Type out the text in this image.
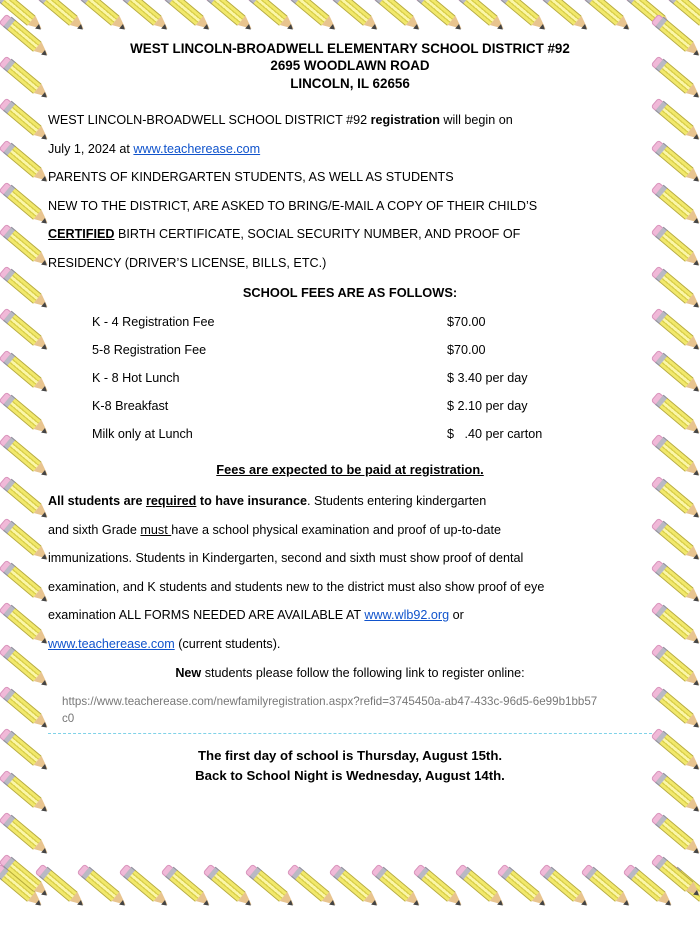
WEST LINCOLN-BROADWELL ELEMENTARY SCHOOL DISTRICT #92
2695 WOODLAWN ROAD
LINCOLN, IL 62656
WEST LINCOLN-BROADWELL SCHOOL DISTRICT #92 registration will begin on
July 1, 2024 at www.teacherease.com
PARENTS OF KINDERGARTEN STUDENTS, AS WELL AS STUDENTS
NEW TO THE DISTRICT, ARE ASKED TO BRING/E-MAIL A COPY OF THEIR CHILD’S
CERTIFIED BIRTH CERTIFICATE, SOCIAL SECURITY NUMBER, AND PROOF OF
RESIDENCY (DRIVER’S LICENSE, BILLS, ETC.)
SCHOOL FEES ARE AS FOLLOWS:
K - 4 Registration Fee	$70.00
5-8 Registration Fee	$70.00
K - 8 Hot Lunch	$ 3.40 per day
K-8 Breakfast	$ 2.10 per day
Milk only at Lunch	$   .40 per carton
Fees are expected to be paid at registration.
All students are required to have insurance. Students entering kindergarten
and sixth Grade must have a school physical examination and proof of up-to-date
immunizations. Students in Kindergarten, second and sixth must show proof of dental
examination, and K students and students new to the district must also show proof of eye
examination ALL FORMS NEEDED ARE AVAILABLE AT www.wlb92.org or
www.teacherease.com (current students).
New students please follow the following link to register online:
https://www.teacherease.com/newfamilyregistration.aspx?refid=3745450a-ab47-433c-96d5-6e99b1bb57c0
The first day of school is Thursday, August 15th.
Back to School Night is Wednesday, August 14th.
